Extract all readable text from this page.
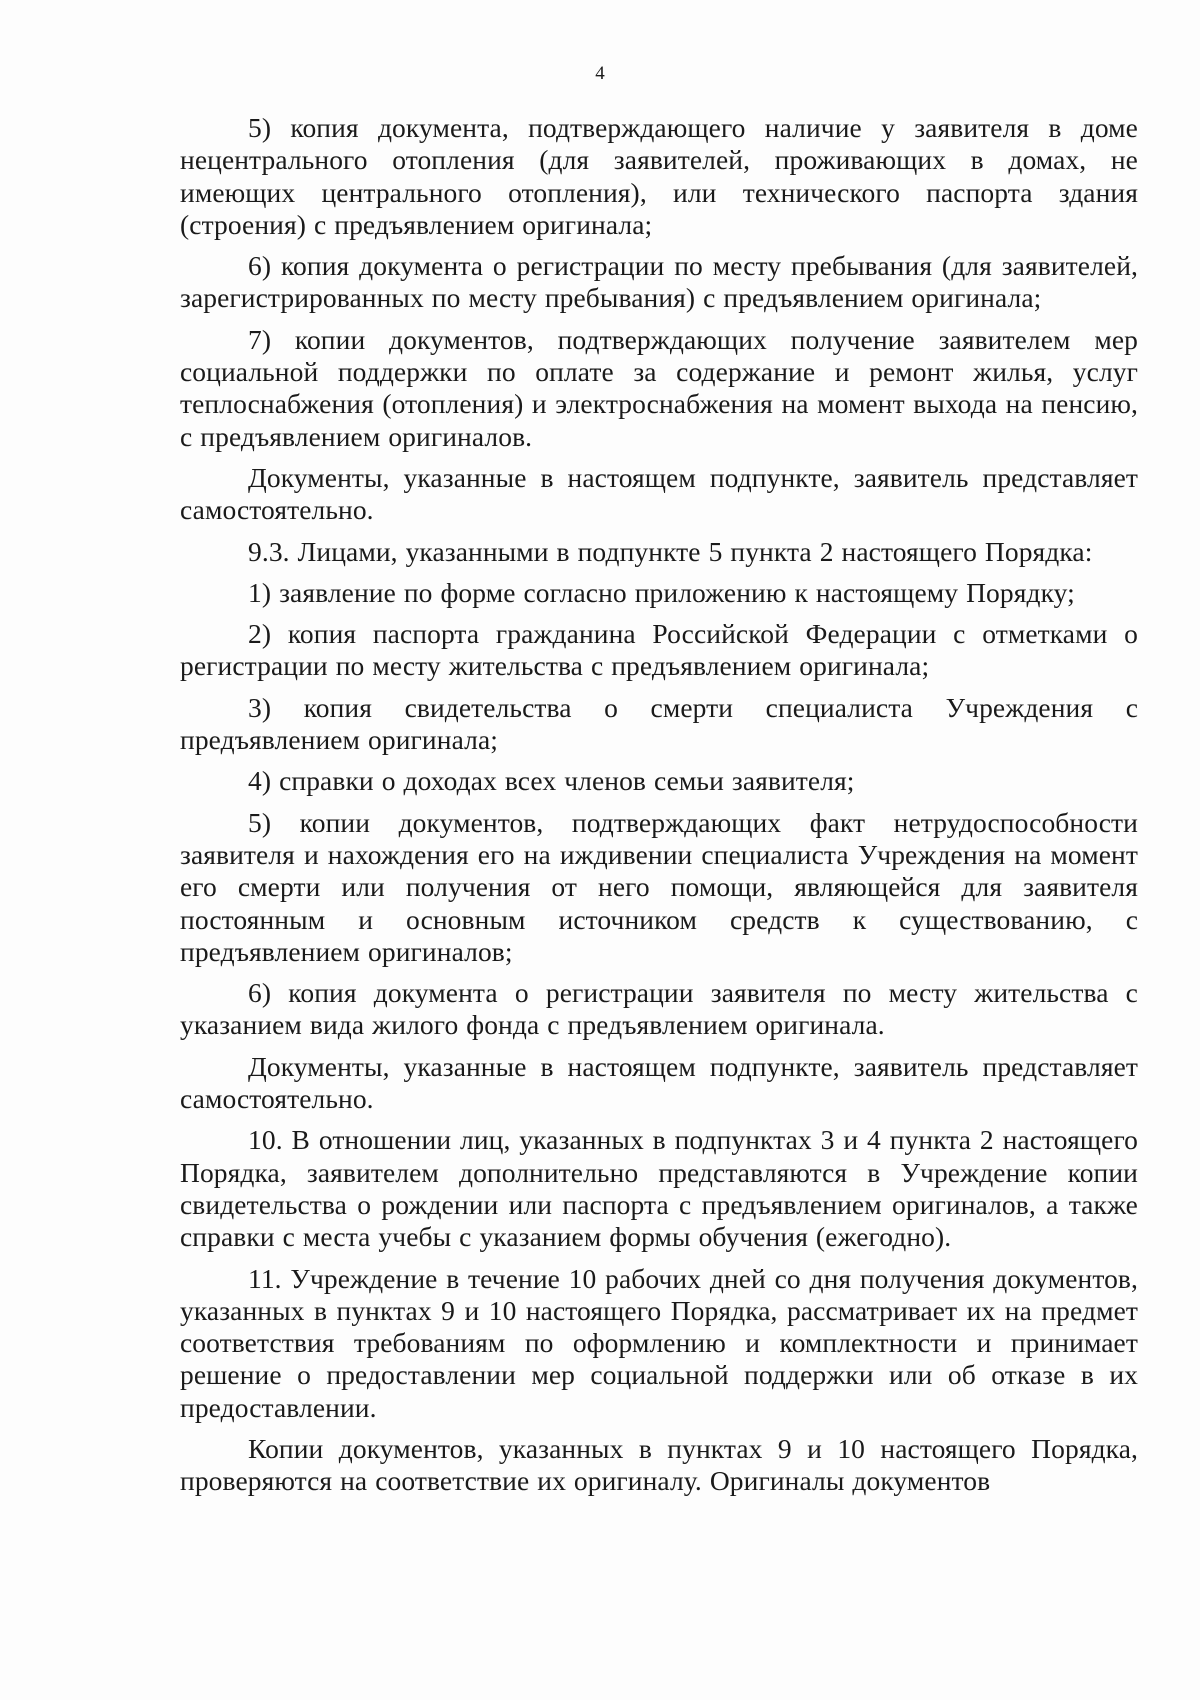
4

5) копия документа, подтверждающего наличие у заявителя в доме нецентрального отопления (для заявителей, проживающих в домах, не имеющих центрального отопления), или технического паспорта здания (строения) с предъявлением оригинала;

6) копия документа о регистрации по месту пребывания (для заявителей, зарегистрированных по месту пребывания) с предъявлением оригинала;

7) копии документов, подтверждающих получение заявителем мер социальной поддержки по оплате за содержание и ремонт жилья, услуг теплоснабжения (отопления) и электроснабжения на момент выхода на пенсию, с предъявлением оригиналов.

Документы, указанные в настоящем подпункте, заявитель представляет самостоятельно.

9.3. Лицами, указанными в подпункте 5 пункта 2 настоящего Порядка:

1) заявление по форме согласно приложению к настоящему Порядку;

2) копия паспорта гражданина Российской Федерации с отметками о регистрации по месту жительства с предъявлением оригинала;

3) копия свидетельства о смерти специалиста Учреждения с предъявлением оригинала;

4) справки о доходах всех членов семьи заявителя;

5) копии документов, подтверждающих факт нетрудоспособности заявителя и нахождения его на иждивении специалиста Учреждения на момент его смерти или получения от него помощи, являющейся для заявителя постоянным и основным источником средств к существованию, с предъявлением оригиналов;

6) копия документа о регистрации заявителя по месту жительства с указанием вида жилого фонда с предъявлением оригинала.

Документы, указанные в настоящем подпункте, заявитель представляет самостоятельно.

10. В отношении лиц, указанных в подпунктах 3 и 4 пункта 2 настоящего Порядка, заявителем дополнительно представляются в Учреждение копии свидетельства о рождении или паспорта с предъявлением оригиналов, а также справки с места учебы с указанием формы обучения (ежегодно).

11. Учреждение в течение 10 рабочих дней со дня получения документов, указанных в пунктах 9 и 10 настоящего Порядка, рассматривает их на предмет соответствия требованиям по оформлению и комплектности и принимает решение о предоставлении мер социальной поддержки или об отказе в их предоставлении.

Копии документов, указанных в пунктах 9 и 10 настоящего Порядка, проверяются на соответствие их оригиналу. Оригиналы документов
